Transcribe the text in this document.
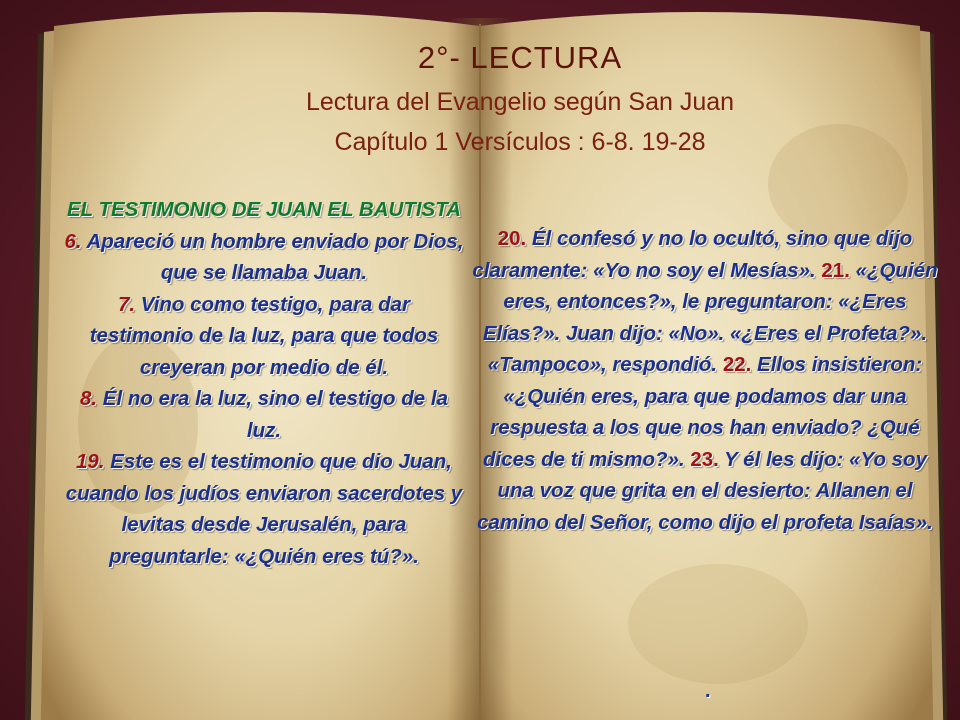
2°- LECTURA
Lectura del Evangelio según San Juan
Capítulo 1 Versículos : 6-8. 19-28
EL TESTIMONIO DE JUAN EL BAUTISTA
6. Apareció un hombre enviado por Dios, que se llamaba Juan.
7. Vino como testigo, para dar testimonio de la luz, para que todos creyeran por medio de él.
8. Él no era la luz, sino el testigo de la luz.
19. Este es el testimonio que dio Juan, cuando los judíos enviaron sacerdotes y levitas desde Jerusalén, para preguntarle: «¿Quién eres tú?».
20. Él confesó y no lo ocultó, sino que dijo claramente: «Yo no soy el Mesías». 21. «¿Quién eres, entonces?», le preguntaron: «¿Eres Elías?». Juan dijo: «No». «¿Eres el Profeta?». «Tampoco», respondió. 22. Ellos insistieron: «¿Quién eres, para que podamos dar una respuesta a los que nos han enviado? ¿Qué dices de ti mismo?». 23. Y él les dijo: «Yo soy una voz que grita en el desierto: Allanen el camino del Señor, como dijo el profeta Isaías».
.
